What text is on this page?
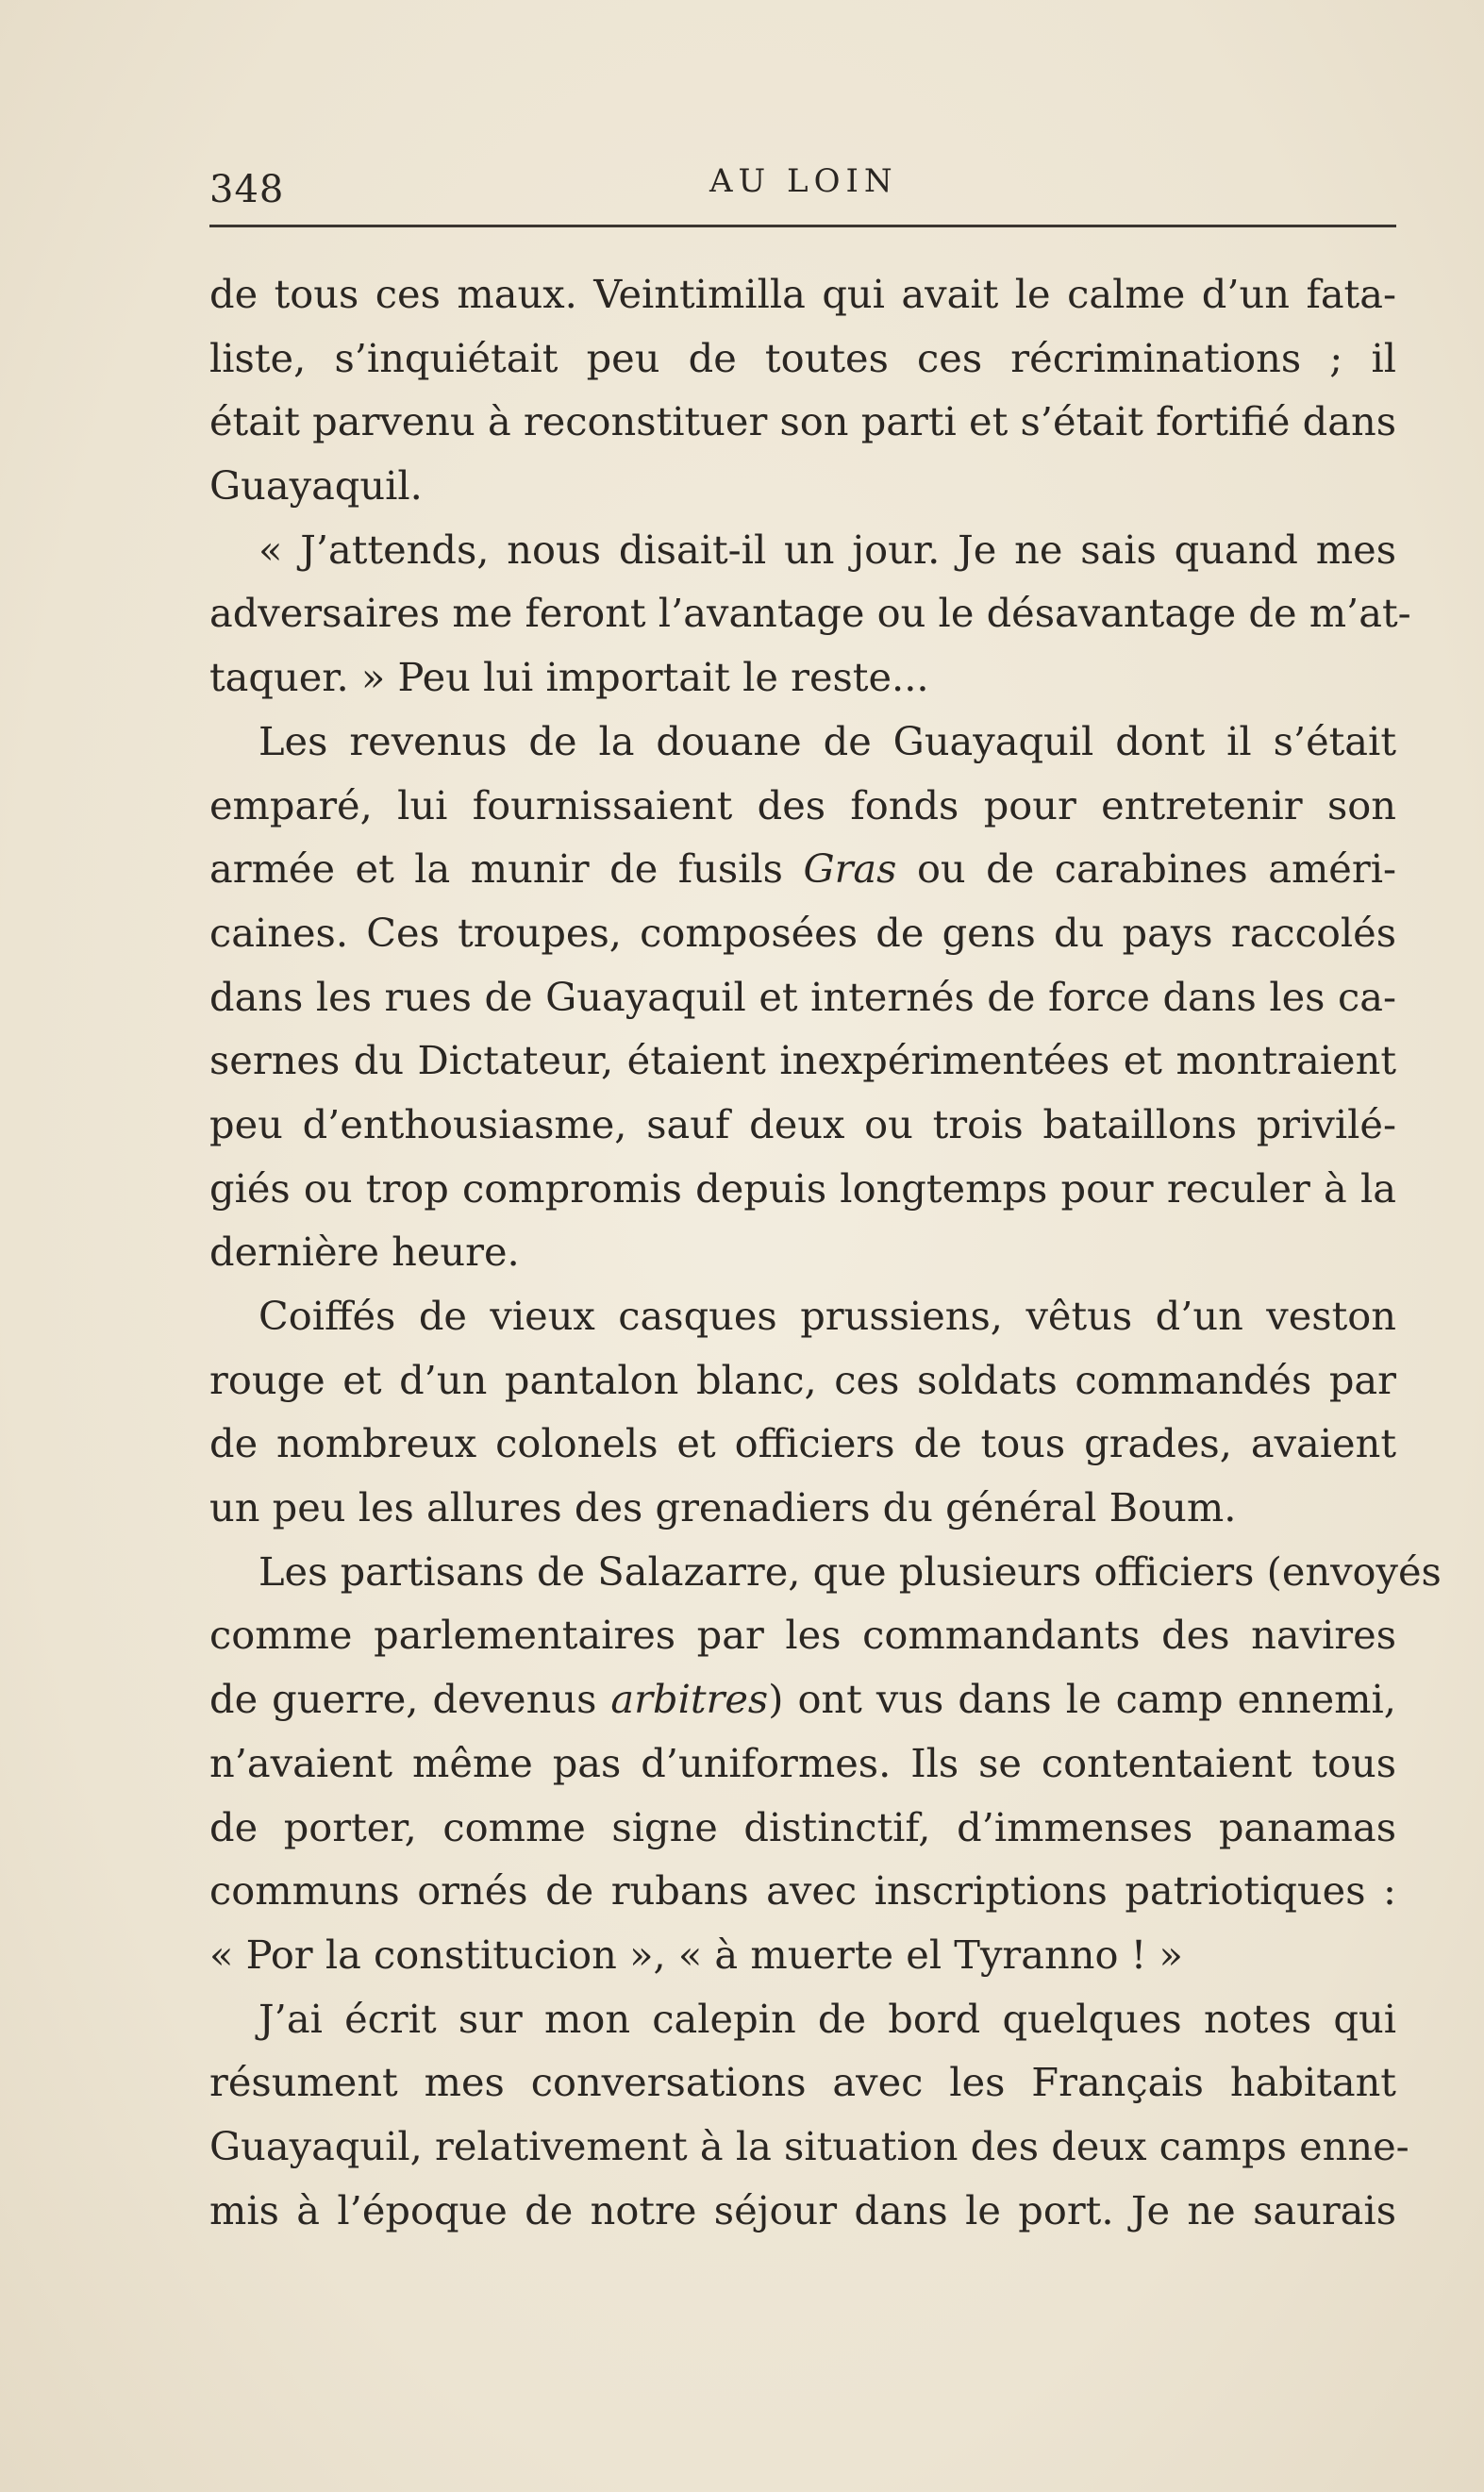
348	AU LOIN
de tous ces maux. Veintimilla qui avait le calme d’un fata-
liste, s’inquiétait peu de toutes ces récriminations ; il
était parvenu à reconstituer son parti et s’était fortifié dans
Guayaquil.
« J’attends, nous disait-il un jour. Je ne sais quand mes
adversaires me feront l’avantage ou le désavantage de m’at-
taquer. » Peu lui importait le reste...
Les revenus de la douane de Guayaquil dont il s’était
emparé, lui fournissaient des fonds pour entretenir son
armée et la munir de fusils Gras ou de carabines améri-
caines. Ces troupes, composées de gens du pays raccolés
dans les rues de Guayaquil et internés de force dans les ca-
sernes du Dictateur, étaient inexpérimentées et montraient
peu d’enthousiasme, sauf deux ou trois bataillons privilé-
giés ou trop compromis depuis longtemps pour reculer à la
dernière heure.
Coiffés de vieux casques prussiens, vêtus d’un veston
rouge et d’un pantalon blanc, ces soldats commandés par
de nombreux colonels et officiers de tous grades, avaient
un peu les allures des grenadiers du général Boum.
Les partisans de Salazarre, que plusieurs officiers (envoyés
comme parlementaires par les commandants des navires
de guerre, devenus arbitres) ont vus dans le camp ennemi,
n’avaient même pas d’uniformes. Ils se contentaient tous
de porter, comme signe distinctif, d’immenses panamas
communs ornés de rubans avec inscriptions patriotiques :
« Por la constitucion », « à muerte el Tyranno ! »
J’ai écrit sur mon calepin de bord quelques notes qui
résument mes conversations avec les Français habitant
Guayaquil, relativement à la situation des deux camps enne-
mis à l’époque de notre séjour dans le port. Je ne saurais
